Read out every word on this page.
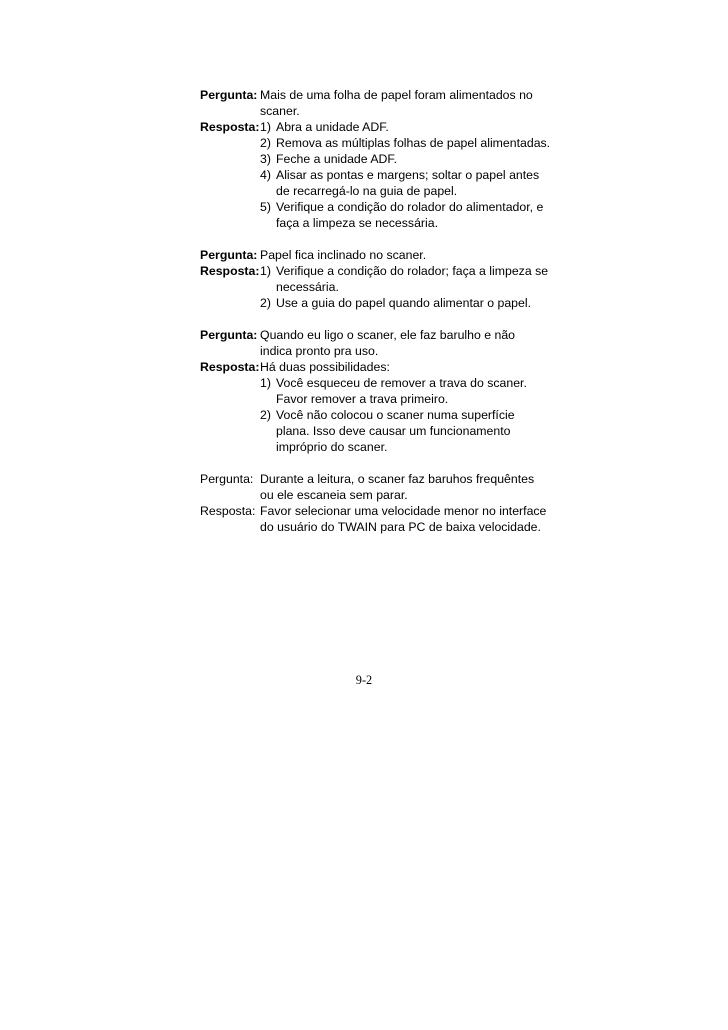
Pergunta: Mais de uma folha de papel foram alimentados no
scaner.
Resposta: 1) Abra a unidade ADF.
2) Remova as múltiplas folhas de papel alimentadas.
3) Feche a unidade ADF.
4) Alisar as pontas e margens; soltar o papel antes
de recarregá-lo na guia de papel.
5) Verifique a condição do rolador do alimentador, e
faça a limpeza se necessária.
Pergunta: Papel fica inclinado no scaner.
Resposta: 1) Verifique a condição do rolador; faça a limpeza se
necessária.
2) Use a guia do papel quando alimentar o papel.
Pergunta: Quando eu ligo o scaner, ele faz barulho e não
indica pronto pra uso.
Resposta: Há duas possibilidades:
1) Você esqueceu de remover a trava do scaner.
Favor remover a trava primeiro.
2) Você não colocou o scaner numa superfície
plana. Isso deve causar um funcionamento
impróprio do scaner.
Pergunta: Durante a leitura, o scaner faz baruhos frequêntes
ou ele escaneia sem parar.
Resposta: Favor selecionar uma velocidade menor no interface
do usuário do TWAIN para PC de baixa velocidade.
9-2
